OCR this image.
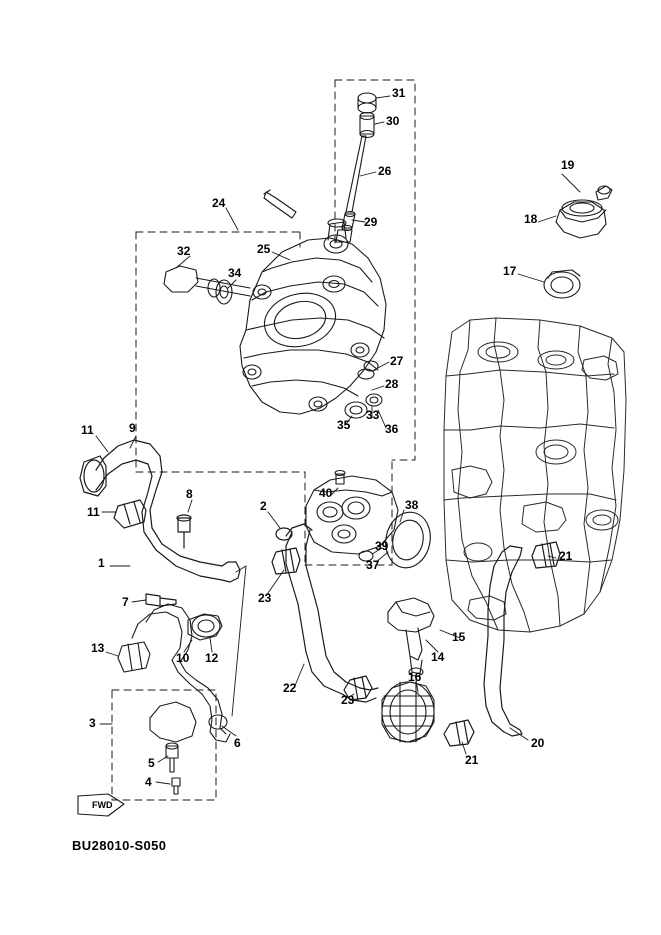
31
30
26	19
18
24
29
17
25
32
34
27
28
35
33
36
11	9
11
8	40
2	38
39
37
1	21
7	23
13
10 12
15
14
16
22
23
3
6	20
21
5
4
FWD
BU28010-S050
